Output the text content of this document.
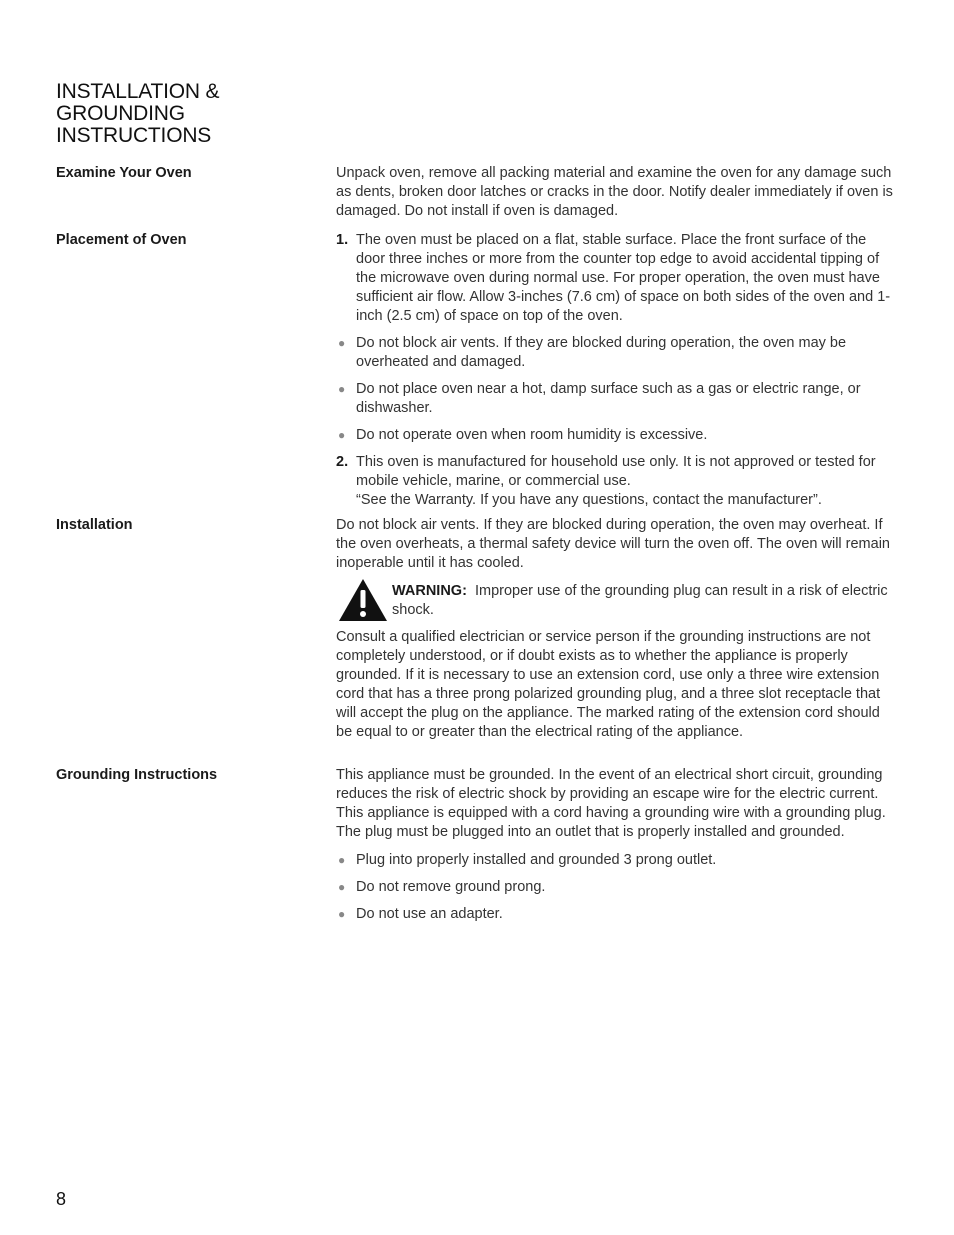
INSTALLATION &
GROUNDING
INSTRUCTIONS
Examine Your Oven	Unpack oven, remove all packing material and examine the oven for any damage such as dents, broken door latches or cracks in the door. Notify dealer immediately if oven is damaged. Do not install if oven is damaged.

Placement of Oven	1. The oven must be placed on a flat, stable surface. Place the front surface of the door three inches or more from the counter top edge to avoid accidental tipping of the microwave oven during normal use. For proper operation, the oven must have sufficient air flow. Allow 3-inches (7.6 cm) of space on both sides of the oven and 1-inch (2.5 cm) of space on top of the oven.

● Do not block air vents. If they are blocked during operation, the oven may be overheated and damaged.

● Do not place oven near a hot, damp surface such as a gas or electric range, or dishwasher.

● Do not operate oven when room humidity is excessive.

2. This oven is manufactured for household use only. It is not approved or tested for mobile vehicle, marine, or commercial use.

“See the Warranty. If you have any questions, contact the manufacturer”.

Installation	Do not block air vents. If they are blocked during operation, the oven may overheat. If the oven overheats, a thermal safety device will turn the oven off. The oven will remain inoperable until it has cooled.

WARNING: Improper use of the grounding plug can result in a risk of electric shock.

Consult a qualified electrician or service person if the grounding instructions are not completely understood, or if doubt exists as to whether the appliance is properly grounded. If it is necessary to use an extension cord, use only a three wire extension cord that has a three prong polarized grounding plug, and a three slot receptacle that will accept the plug on the appliance. The marked rating of the extension cord should be equal to or greater than the electrical rating of the appliance.

Grounding Instructions	This appliance must be grounded. In the event of an electrical short circuit, grounding reduces the risk of electric shock by providing an escape wire for the electric current. This appliance is equipped with a cord having a grounding wire with a grounding plug. The plug must be plugged into an outlet that is properly installed and grounded.

● Plug into properly installed and grounded 3 prong outlet.

● Do not remove ground prong.

● Do not use an adapter.

8
